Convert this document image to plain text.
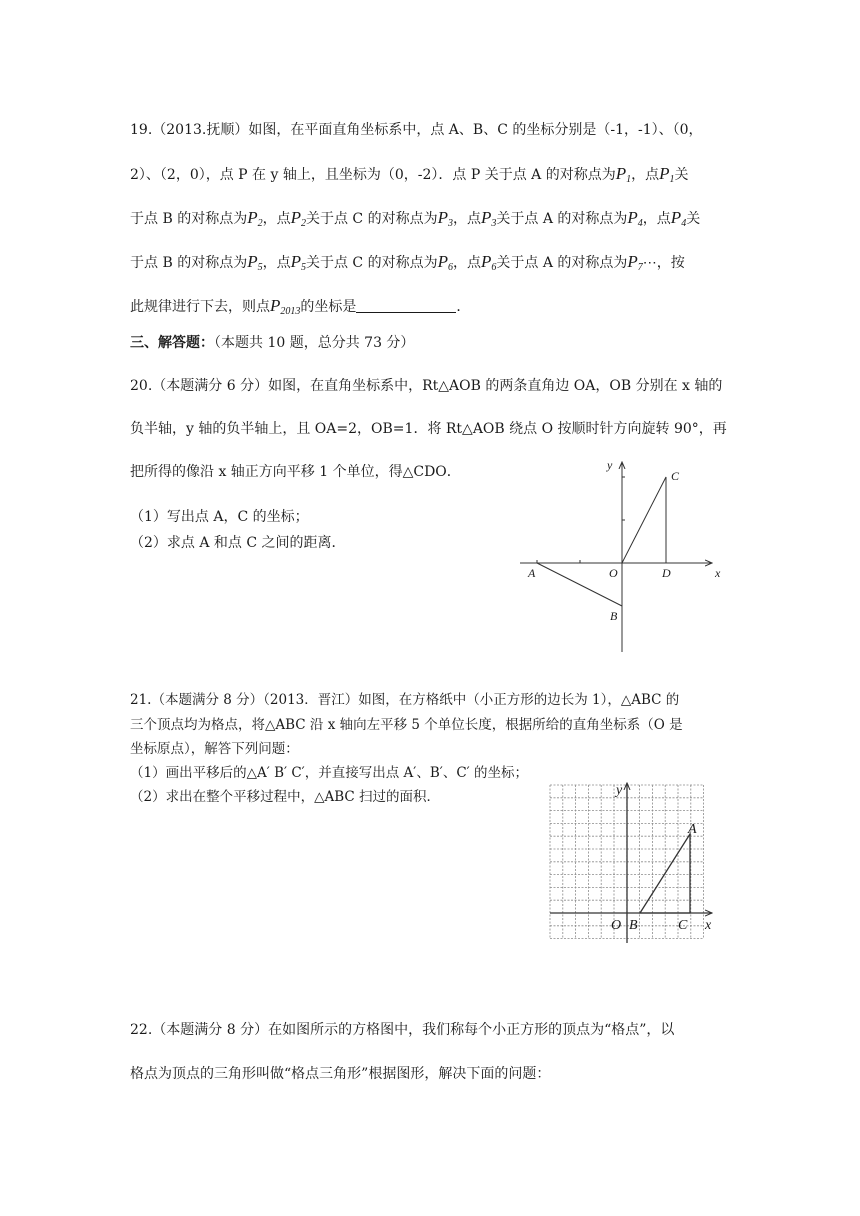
19.（2013.抚顺）如图，在平面直角坐标系中，点 A、B、C 的坐标分别是（-1，-1）、（0，
2）、（2，0），点 P 在 y 轴上，且坐标为（0，-2）．点 P 关于点 A 的对称点为$P_1$，点$P_1$关
于点 B 的对称点为$P_2$，点$P_2$关于点 C 的对称点为$P_3$，点$P_3$关于点 A 的对称点为$P_4$，点$P_4$关
于点 B 的对称点为$P_5$，点$P_5$关于点 C 的对称点为$P_6$，点$P_6$关于点 A 的对称点为$P_7\cdots$，按
此规律进行下去，则点$P_{2013}$的坐标是	．
三、解答题：（本题共 10 题，总分共 73 分）
20.（本题满分 6 分）如图，在直角坐标系中，Rt△AOB 的两条直角边 OA，OB 分别在 x 轴的
负半轴，y 轴的负半轴上，且 OA=2，OB=1．将 Rt△AOB 绕点 O 按顺时针方向旋转 90°，再
把所得的像沿 x 轴正方向平移 1 个单位，得△CDO．
（1）写出点 A，C 的坐标；
（2）求点 A 和点 C 之间的距离．
y
C
A	O	D	x
B
21.（本题满分 8 分）（2013．晋江）如图，在方格纸中（小正方形的边长为 1），△ABC 的
三个顶点均为格点，将△ABC 沿 x 轴向左平移 5 个单位长度，根据所给的直角坐标系（O 是
坐标原点），解答下列问题：
（1）画出平移后的△A′ B′ C′，并直接写出点 A′、B′、C′ 的坐标；
（2）求出在整个平移过程中，△ABC 扫过的面积．	y
A
O B	C x
22.（本题满分 8 分）在如图所示的方格图中，我们称每个小正方形的顶点为“格点”，以
格点为顶点的三角形叫做“格点三角形”根据图形，解决下面的问题：
